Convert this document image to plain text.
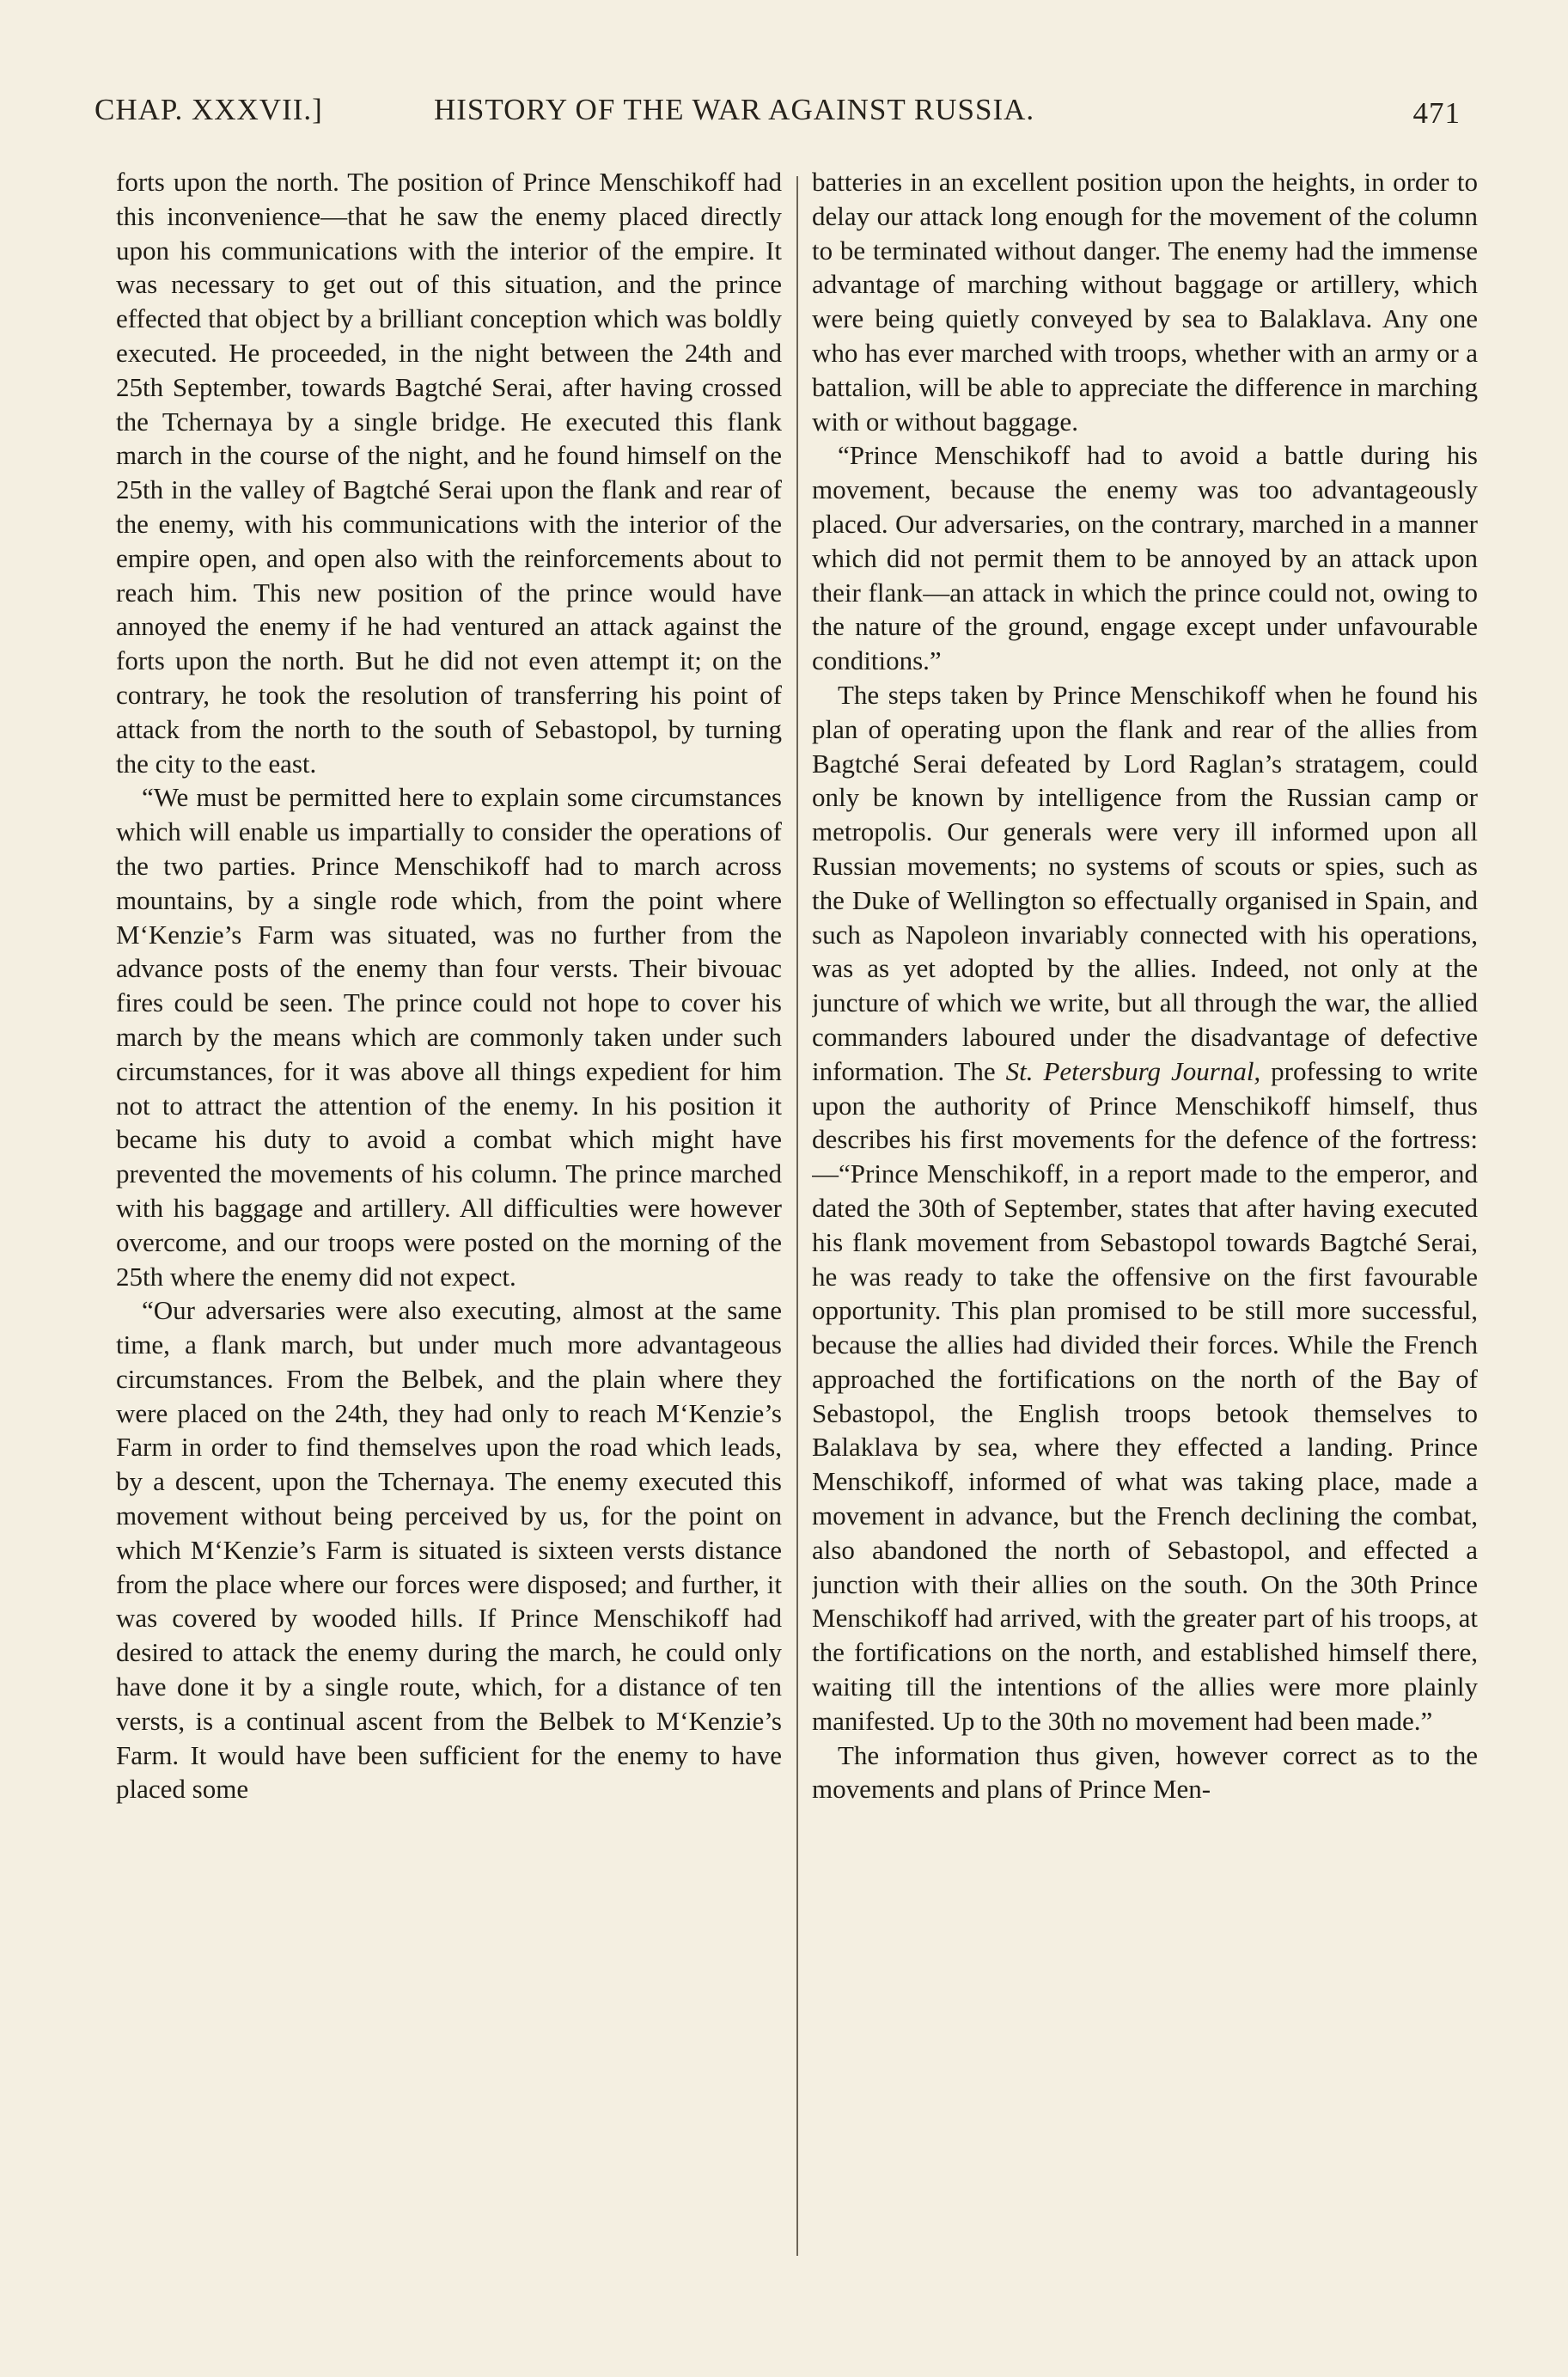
CHAP. XXXVII.]	HISTORY OF THE WAR AGAINST RUSSIA.	471

forts upon the north. The position of Prince Menschikoff had this inconvenience—that he saw the enemy placed directly upon his communications with the interior of the empire. It was necessary to get out of this situation, and the prince effected that object by a brilliant conception which was boldly executed. He proceeded, in the night between the 24th and 25th September, towards Bagtché Serai, after having crossed the Tchernaya by a single bridge. He executed this flank march in the course of the night, and he found himself on the 25th in the valley of Bagtché Serai upon the flank and rear of the enemy, with his communications with the interior of the empire open, and open also with the reinforcements about to reach him. This new position of the prince would have annoyed the enemy if he had ventured an attack against the forts upon the north. But he did not even attempt it; on the contrary, he took the resolution of transferring his point of attack from the north to the south of Sebastopol, by turning the city to the east.

“We must be permitted here to explain some circumstances which will enable us impartially to consider the operations of the two parties. Prince Menschikoff had to march across mountains, by a single rode which, from the point where M‘Kenzie’s Farm was situated, was no further from the advance posts of the enemy than four versts. Their bivouac fires could be seen. The prince could not hope to cover his march by the means which are commonly taken under such circumstances, for it was above all things expedient for him not to attract the attention of the enemy. In his position it became his duty to avoid a combat which might have prevented the movements of his column. The prince marched with his baggage and artillery. All difficulties were however overcome, and our troops were posted on the morning of the 25th where the enemy did not expect.

“Our adversaries were also executing, almost at the same time, a flank march, but under much more advantageous circumstances. From the Belbek, and the plain where they were placed on the 24th, they had only to reach M‘Kenzie’s Farm in order to find themselves upon the road which leads, by a descent, upon the Tchernaya. The enemy executed this movement without being perceived by us, for the point on which M‘Kenzie’s Farm is situated is sixteen versts distance from the place where our forces were disposed; and further, it was covered by wooded hills. If Prince Menschikoff had desired to attack the enemy during the march, he could only have done it by a single route, which, for a distance of ten versts, is a continual ascent from the Belbek to M‘Kenzie’s Farm. It would have been sufficient for the enemy to have placed some

batteries in an excellent position upon the heights, in order to delay our attack long enough for the movement of the column to be terminated without danger. The enemy had the immense advantage of marching without baggage or artillery, which were being quietly conveyed by sea to Balaklava. Any one who has ever marched with troops, whether with an army or a battalion, will be able to appreciate the difference in marching with or without baggage.

“Prince Menschikoff had to avoid a battle during his movement, because the enemy was too advantageously placed. Our adversaries, on the contrary, marched in a manner which did not permit them to be annoyed by an attack upon their flank—an attack in which the prince could not, owing to the nature of the ground, engage except under unfavourable conditions.”

The steps taken by Prince Menschikoff when he found his plan of operating upon the flank and rear of the allies from Bagtché Serai defeated by Lord Raglan’s stratagem, could only be known by intelligence from the Russian camp or metropolis. Our generals were very ill informed upon all Russian movements; no systems of scouts or spies, such as the Duke of Wellington so effectually organised in Spain, and such as Napoleon invariably connected with his operations, was as yet adopted by the allies. Indeed, not only at the juncture of which we write, but all through the war, the allied commanders laboured under the disadvantage of defective information. The St. Petersburg Journal, professing to write upon the authority of Prince Menschikoff himself, thus describes his first movements for the defence of the fortress:—“Prince Menschikoff, in a report made to the emperor, and dated the 30th of September, states that after having executed his flank movement from Sebastopol towards Bagtché Serai, he was ready to take the offensive on the first favourable opportunity. This plan promised to be still more successful, because the allies had divided their forces. While the French approached the fortifications on the north of the Bay of Sebastopol, the English troops betook themselves to Balaklava by sea, where they effected a landing. Prince Menschikoff, informed of what was taking place, made a movement in advance, but the French declining the combat, also abandoned the north of Sebastopol, and effected a junction with their allies on the south. On the 30th Prince Menschikoff had arrived, with the greater part of his troops, at the fortifications on the north, and established himself there, waiting till the intentions of the allies were more plainly manifested. Up to the 30th no movement had been made.”

The information thus given, however correct as to the movements and plans of Prince Men-
